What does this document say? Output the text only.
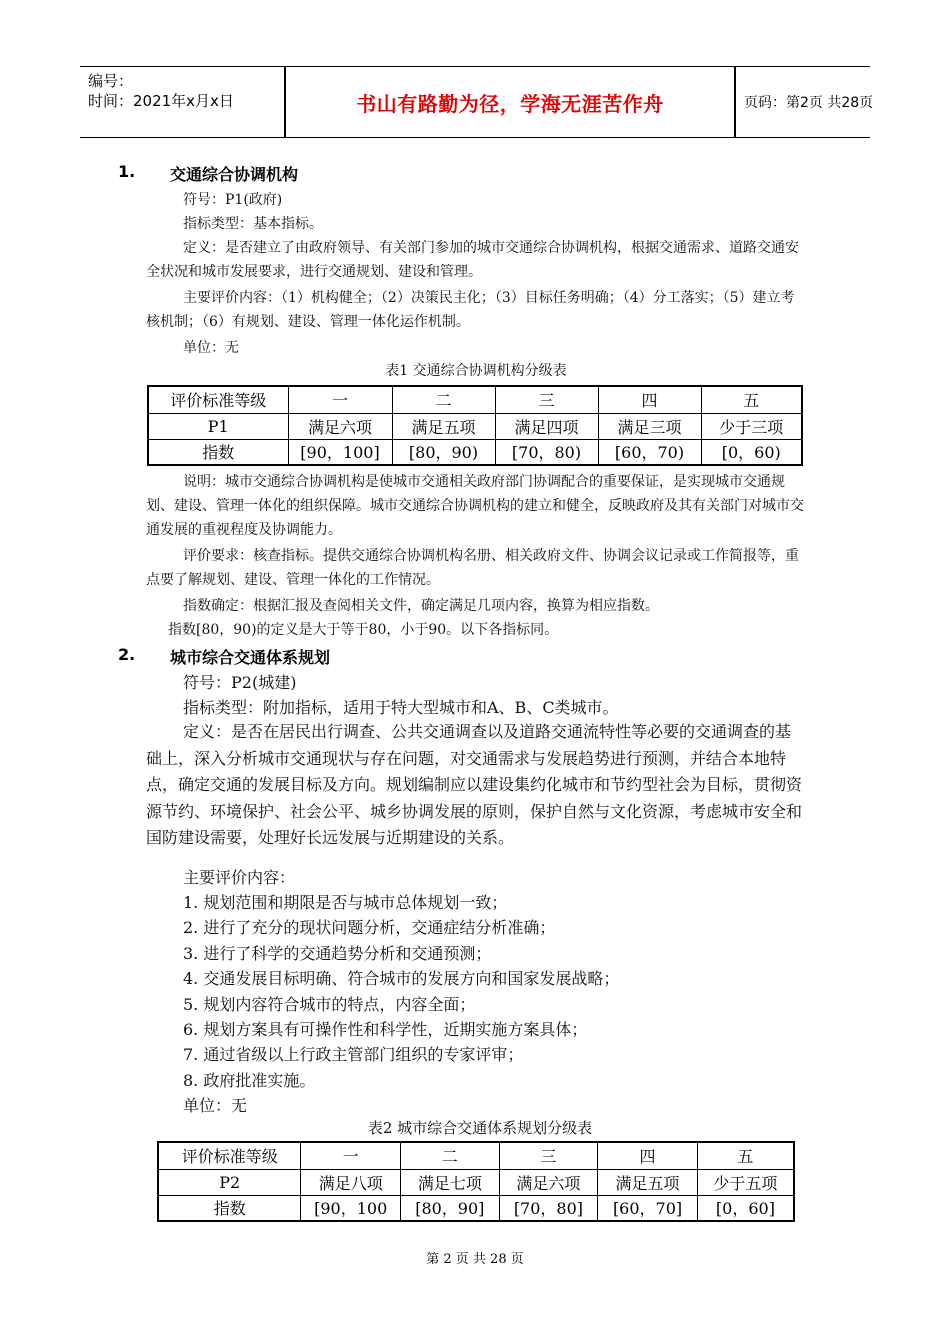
编号：
时间：2021年x月x日	书山有路勤为径，学海无涯苦作舟	页码：第2页 共28页
1. 交通综合协调机构
符号：P1(政府)
指标类型：基本指标。
定义：是否建立了由政府领导、有关部门参加的城市交通综合协调机构，根据交通需求、道路交通安全状况和城市发展要求，进行交通规划、建设和管理。
主要评价内容：（1）机构健全；（2）决策民主化；（3）目标任务明确；（4）分工落实；（5）建立考核机制；（6）有规划、建设、管理一体化运作机制。
单位：无
表1 交通综合协调机构分级表
评价标准等级	一	二	三	四	五
P1	满足六项	满足五项	满足四项	满足三项	少于三项
指数	[90，100]	[80，90)	[70，80)	[60，70)	[0，60)
说明：城市交通综合协调机构是使城市交通相关政府部门协调配合的重要保证，是实现城市交通规划、建设、管理一体化的组织保障。城市交通综合协调机构的建立和健全，反映政府及其有关部门对城市交通发展的重视程度及协调能力。
评价要求：核查指标。提供交通综合协调机构名册、相关政府文件、协调会议记录或工作简报等，重点要了解规划、建设、管理一体化的工作情况。
指数确定：根据汇报及查阅相关文件，确定满足几项内容，换算为相应指数。
指数[80，90)的定义是大于等于80，小于90。以下各指标同。
2. 城市综合交通体系规划
符号：P2(城建)
指标类型：附加指标，适用于特大型城市和A、B、C类城市。
定义：是否在居民出行调查、公共交通调查以及道路交通流特性等必要的交通调查的基础上，深入分析城市交通现状与存在问题，对交通需求与发展趋势进行预测，并结合本地特点，确定交通的发展目标及方向。规划编制应以建设集约化城市和节约型社会为目标，贯彻资源节约、环境保护、社会公平、城乡协调发展的原则，保护自然与文化资源，考虑城市安全和国防建设需要，处理好长远发展与近期建设的关系。
主要评价内容：
1. 规划范围和期限是否与城市总体规划一致；
2. 进行了充分的现状问题分析，交通症结分析准确；
3. 进行了科学的交通趋势分析和交通预测；
4. 交通发展目标明确、符合城市的发展方向和国家发展战略；
5. 规划内容符合城市的特点，内容全面；
6. 规划方案具有可操作性和科学性，近期实施方案具体；
7. 通过省级以上行政主管部门组织的专家评审；
8. 政府批准实施。
单位：无
表2 城市综合交通体系规划分级表
评价标准等级	一	二	三	四	五
P2	满足八项	满足七项	满足六项	满足五项	少于五项
指数	[90，100	[80，90]	[70，80]	[60，70]	[0，60]
第 2 页 共 28 页
